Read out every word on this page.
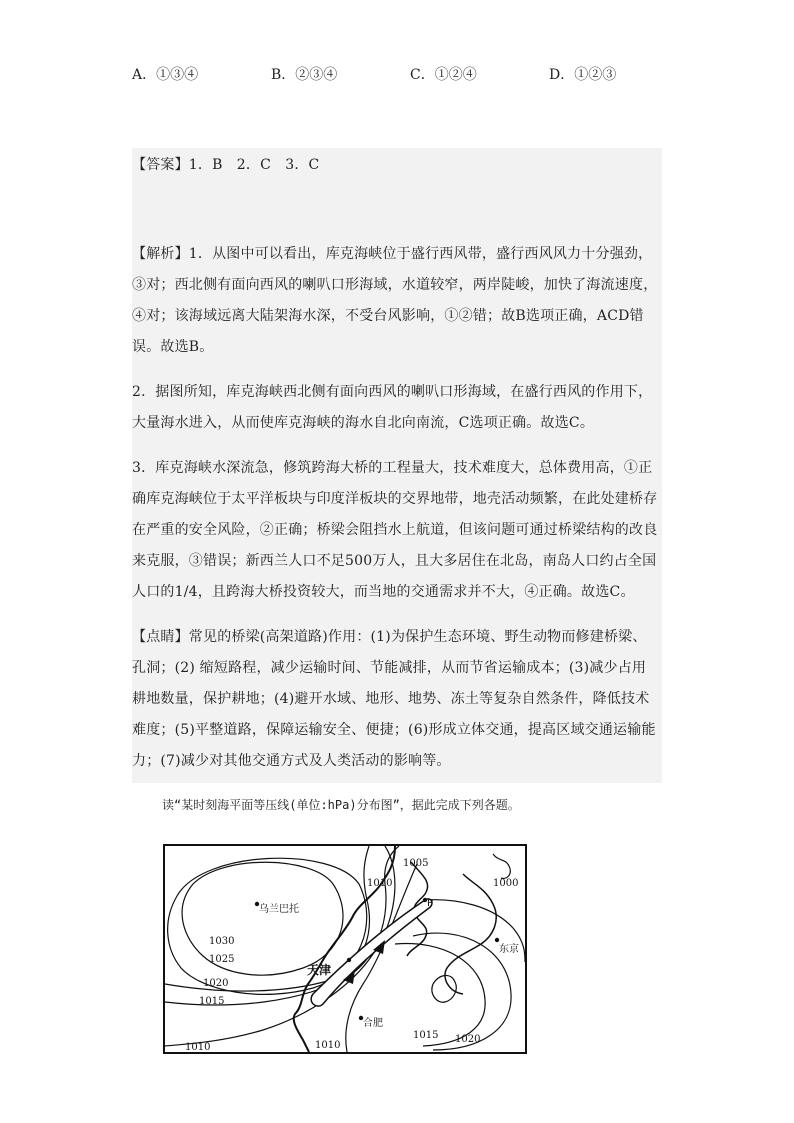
A．①③④	B．②③④	C．①②④	D．①②③

【答案】1．B　2．C　3．C

【解析】1．从图中可以看出，库克海峡位于盛行西风带，盛行西风风力十分强劲，③对；西北侧有面向西风的喇叭口形海域，水道较窄，两岸陡峻，加快了海流速度，④对；该海域远离大陆架海水深，不受台风影响，①②错；故B选项正确，ACD错误。故选B。

2．据图所知，库克海峡西北侧有面向西风的喇叭口形海域，在盛行西风的作用下，大量海水进入，从而使库克海峡的海水自北向南流，C选项正确。故选C。

3．库克海峡水深流急，修筑跨海大桥的工程量大，技术难度大，总体费用高，①正确库克海峡位于太平洋板块与印度洋板块的交界地带，地壳活动频繁，在此处建桥存在严重的安全风险，②正确；桥梁会阻挡水上航道，但该问题可通过桥梁结构的改良来克服，③错误；新西兰人口不足500万人，且大多居住在北岛，南岛人口约占全国人口的1/4，且跨海大桥投资较大，而当地的交通需求并不大，④正确。故选C。

【点睛】常见的桥梁(高架道路)作用：(1)为保护生态环境、野生动物而修建桥梁、孔洞；(2) 缩短路程，减少运输时间、节能减排，从而节省运输成本；(3)减少占用耕地数量，保护耕地；(4)避开水域、地形、地势、冻土等复杂自然条件，降低技术难度；(5)平整道路，保障运输安全、便捷；(6)形成立体交通，提高区域交通运输能力；(7)减少对其他交通方式及人类活动的影响等。

读“某时刻海平面等压线(单位:hPa)分布图”，据此完成下列各题。
1005
1010	1000
1030
1025
1020
1015
1010	1010
1015 1020
乌兰巴托
天津
合肥
东京
P
